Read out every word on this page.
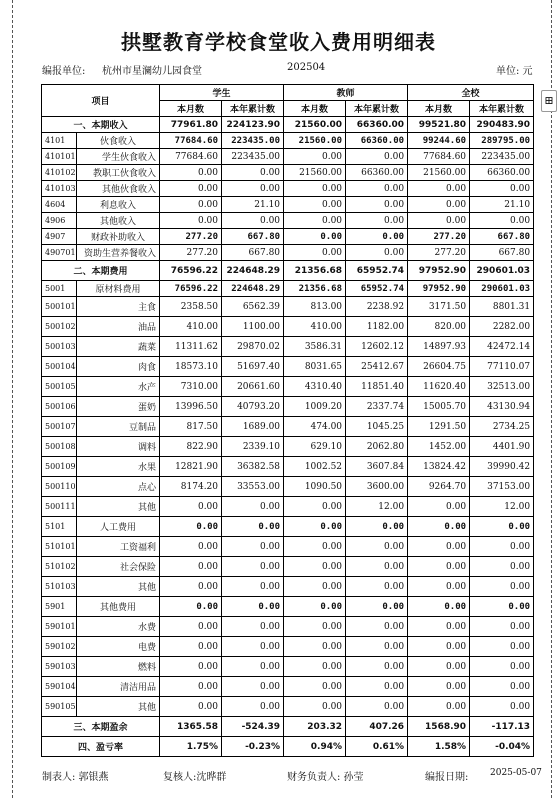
拱墅教育学校食堂收入费用明细表
编报单位: 杭州市星澜幼儿园食堂	202504	单位: 元
⊞
项目		学生		教师		全校	
		本月数	本年累计数	本月数	本年累计数	本月数	本年累计数
一、本期收入		77961.80	224123.90	21560.00	66360.00	99521.80	290483.90
4101	伙食收入	77684.60	223435.00	21560.00	66360.00	99244.60	289795.00
410101	学生伙食收入	77684.60	223435.00	0.00	0.00	77684.60	223435.00
410102	教职工伙食收入	0.00	0.00	21560.00	66360.00	21560.00	66360.00
410103	其他伙食收入	0.00	0.00	0.00	0.00	0.00	0.00
4604	利息收入	0.00	21.10	0.00	0.00	0.00	21.10
4906	其他收入	0.00	0.00	0.00	0.00	0.00	0.00
4907	财政补助收入	277.20	667.80	0.00	0.00	277.20	667.80
490701	资助生营养餐收入	277.20	667.80	0.00	0.00	277.20	667.80
二、本期费用		76596.22	224648.29	21356.68	65952.74	97952.90	290601.03
5001	原材料费用	76596.22	224648.29	21356.68	65952.74	97952.90	290601.03
500101	主食	2358.50	6562.39	813.00	2238.92	3171.50	8801.31
500102	油品	410.00	1100.00	410.00	1182.00	820.00	2282.00
500103	蔬菜	11311.62	29870.02	3586.31	12602.12	14897.93	42472.14
500104	肉食	18573.10	51697.40	8031.65	25412.67	26604.75	77110.07
500105	水产	7310.00	20661.60	4310.40	11851.40	11620.40	32513.00
500106	蛋奶	13996.50	40793.20	1009.20	2337.74	15005.70	43130.94
500107	豆制品	817.50	1689.00	474.00	1045.25	1291.50	2734.25
500108	调料	822.90	2339.10	629.10	2062.80	1452.00	4401.90
500109	水果	12821.90	36382.58	1002.52	3607.84	13824.42	39990.42
500110	点心	8174.20	33553.00	1090.50	3600.00	9264.70	37153.00
500111	其他	0.00	0.00	0.00	12.00	0.00	12.00
5101	人工费用	0.00	0.00	0.00	0.00	0.00	0.00
510101	工资福利	0.00	0.00	0.00	0.00	0.00	0.00
510102	社会保险	0.00	0.00	0.00	0.00	0.00	0.00
510103	其他	0.00	0.00	0.00	0.00	0.00	0.00
5901	其他费用	0.00	0.00	0.00	0.00	0.00	0.00
590101	水费	0.00	0.00	0.00	0.00	0.00	0.00
590102	电费	0.00	0.00	0.00	0.00	0.00	0.00
590103	燃料	0.00	0.00	0.00	0.00	0.00	0.00
590104	清洁用品	0.00	0.00	0.00	0.00	0.00	0.00
590105	其他	0.00	0.00	0.00	0.00	0.00	0.00
三、本期盈余		1365.58	-524.39	203.32	407.26	1568.90	-117.13
四、盈亏率		1.75%	-0.23%	0.94%	0.61%	1.58%	-0.04%
制表人: 郭银燕	复核人:沈晔群	财务负责人: 孙莹	编报日期: 2025-05-07
